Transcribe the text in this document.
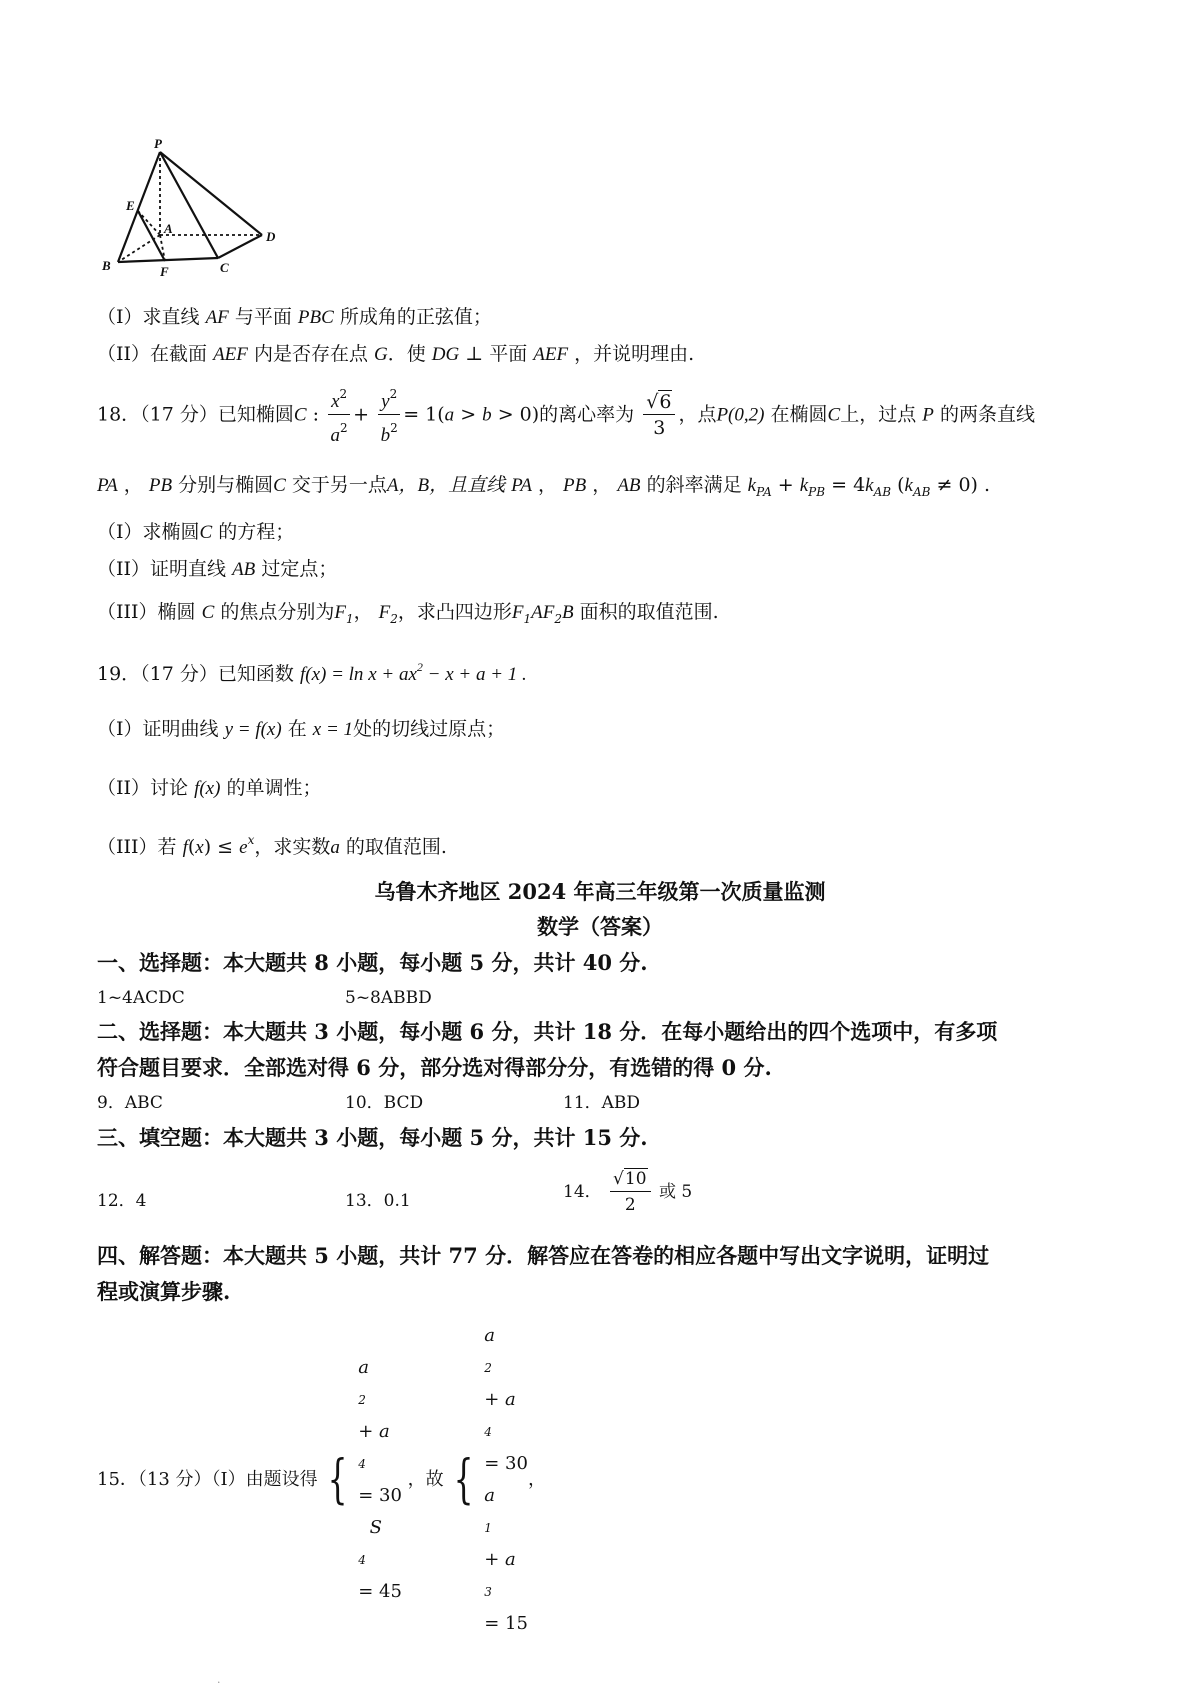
P
E
A
D
B	F	C
（I）求直线 AF 与平面 PBC 所成角的正弦值；
（II）在截面 AEF 内是否存在点 G．使 DG ⊥ 平面 AEF ，并说明理由.
18．（17 分）已知椭圆C : $\frac{x^2}{a^2} + \frac{y^2}{b^2} = 1(a > b > 0)$的离心率为 $\frac{√6}{3}$ ，点P(0,2) 在椭圆C上，过点 P 的两条直线
PA ， PB 分别与椭圆C 交于另一点A，B，且直线 PA ， PB ， AB 的斜率满足 $k_{PA} + k_{PB} = 4k_{AB}$ $(k_{AB} \ne 0)$ .
（I）求椭圆C 的方程；
（II）证明直线 AB 过定点；
（III）椭圆 C 的焦点分别为$F_1$， $F_2$，求凸四边形$F_1AF_2B$ 面积的取值范围.
19．（17 分）已知函数 $f(x) = \ln x + ax^2 - x + a + 1$ .
（I）证明曲线 y = f(x) 在 x = 1处的切线过原点；
（II）讨论 f(x) 的单调性；
（III）若 $f(x) \le e^x$，求实数a 的取值范围.
乌鲁木齐地区 2024 年高三年级第一次质量监测
数学（答案）
一、选择题：本大题共 8 小题，每小题 5 分，共计 40 分.
1~4ACDC	5~8ABBD
二、选择题：本大题共 3 小题，每小题 6 分，共计 18 分．在每小题给出的四个选项中，有多项
符合题目要求．全部选对得 6 分，部分选对得部分分，有选错的得 0 分.
9．ABC	10．BCD	11．ABD
三、填空题：本大题共 3 小题，每小题 5 分，共计 15 分.
12．4	13．0.1	14． $\frac{√10}{2}$ 或 5
四、解答题：本大题共 5 小题，共计 77 分．解答应在答卷的相应各题中写出文字说明，证明过
程或演算步骤.
15．（13 分）（I）由题设得 {
a
2
+ a
4
= 30
S
4
= 45
，故 {
a
2
+ a
4
= 30
a
1
+ a
3
= 15
，
·
